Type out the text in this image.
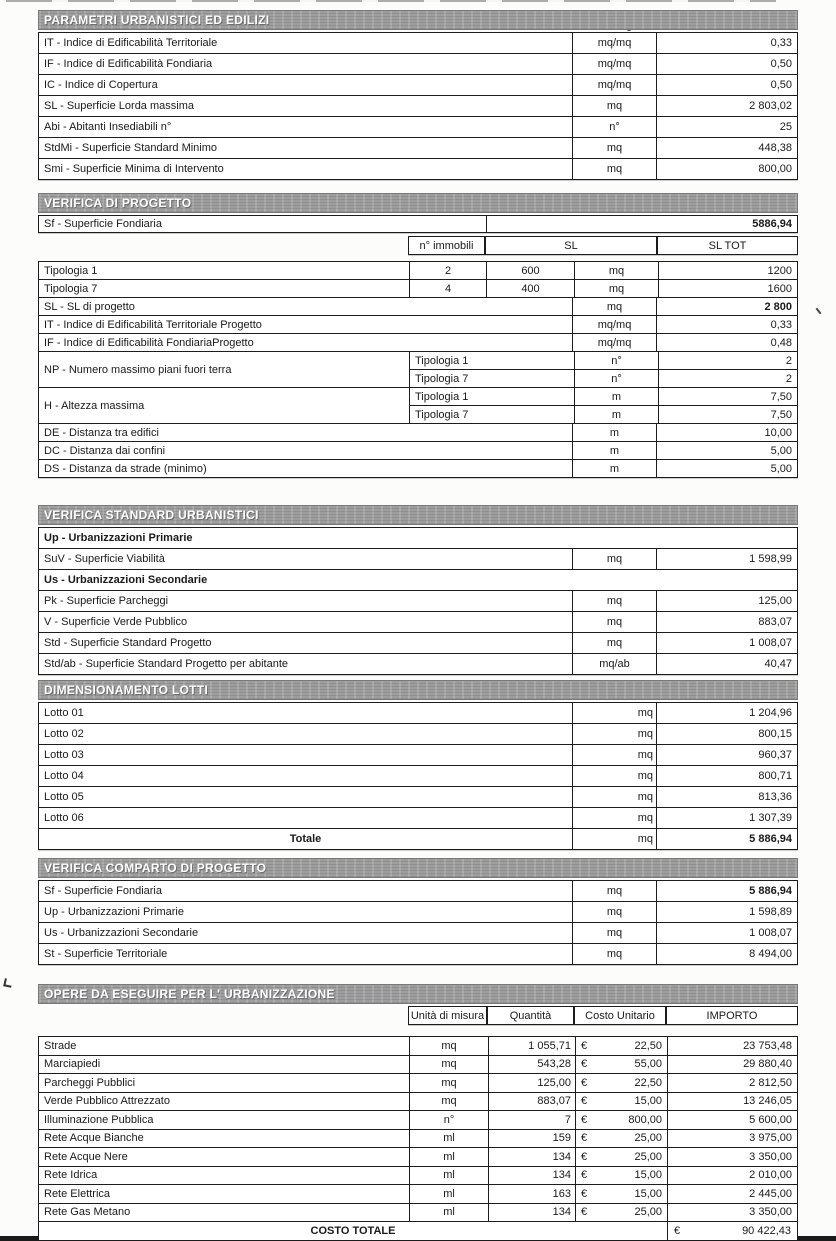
PARAMETRI URBANISTICI ED EDILIZI
IT - Indice di Edificabilità Territoriale	mq/mq	0,33
IF - Indice di Edificabilità Fondiaria	mq/mq	0,50
IC - Indice di Copertura	mq/mq	0,50
SL - Superficie Lorda massima	mq	2 803,02
Abi - Abitanti Insediabili n°	n°	25
StdMi - Superficie Standard Minimo	mq	448,38
Smi - Superficie Minima di Intervento	mq	800,00
VERIFICA DI PROGETTO
Sf - Superficie Fondiaria	5886,94
n° immobili	SL	SL TOT
Tipologia 1	2	600	mq	1200
Tipologia 7	4	400	mq	1600
SL - SL di progetto	mq	2 800
IT - Indice di Edificabilità Territoriale Progetto	mq/mq	0,33
IF - Indice di Edificabilità FondiariaProgetto	mq/mq	0,48
NP - Numero massimo piani fuori terra
Tipologia 1	n°	2
Tipologia 7	n°	2
H - Altezza massima
Tipologia 1	m	7,50
Tipologia 7	m	7,50
DE - Distanza tra edifici	m	10,00
DC - Distanza dai confini	m	5,00
DS - Distanza da strade (minimo)	m	5,00
VERIFICA STANDARD URBANISTICI
Up - Urbanizzazioni Primarie
SuV - Superficie Viabilità	mq	1 598,99
Us - Urbanizzazioni Secondarie
Pk - Superficie Parcheggi	mq	125,00
V - Superficie Verde Pubblico	mq	883,07
Std - Superficie Standard Progetto	mq	1 008,07
Std/ab - Superficie Standard Progetto per abitante	mq/ab	40,47
DIMENSIONAMENTO LOTTI
Lotto 01	mq	1 204,96
Lotto 02	mq	800,15
Lotto 03	mq	960,37
Lotto 04	mq	800,71
Lotto 05	mq	813,36
Lotto 06	mq	1 307,39
Totale	mq	5 886,94
VERIFICA COMPARTO DI PROGETTO
Sf - Superficie Fondiaria	mq	5 886,94
Up - Urbanizzazioni Primarie	mq	1 598,89
Us - Urbanizzazioni Secondarie	mq	1 008,07
St - Superficie Territoriale	mq	8 494,00
OPERE DA ESEGUIRE PER L' URBANIZZAZIONE
Unità di misura	Quantità	Costo Unitario	IMPORTO
Strade	mq	1 055,71 €	22,50	23 753,48
Marciapiedi	mq	543,28 €	55,00	29 880,40
Parcheggi Pubblici	mq	125,00 €	22,50	2 812,50
Verde Pubblico Attrezzato	mq	883,07 €	15,00	13 246,05
Illuminazione Pubblica	n°	7 €	800,00	5 600,00
Rete Acque Bianche	ml	159 €	25,00	3 975,00
Rete Acque Nere	ml	134 €	25,00	3 350,00
Rete Idrica	ml	134 €	15,00	2 010,00
Rete Elettrica	ml	163 €	15,00	2 445,00
Rete Gas Metano	ml	134 €	25,00	3 350,00
COSTO TOTALE	€	90 422,43
